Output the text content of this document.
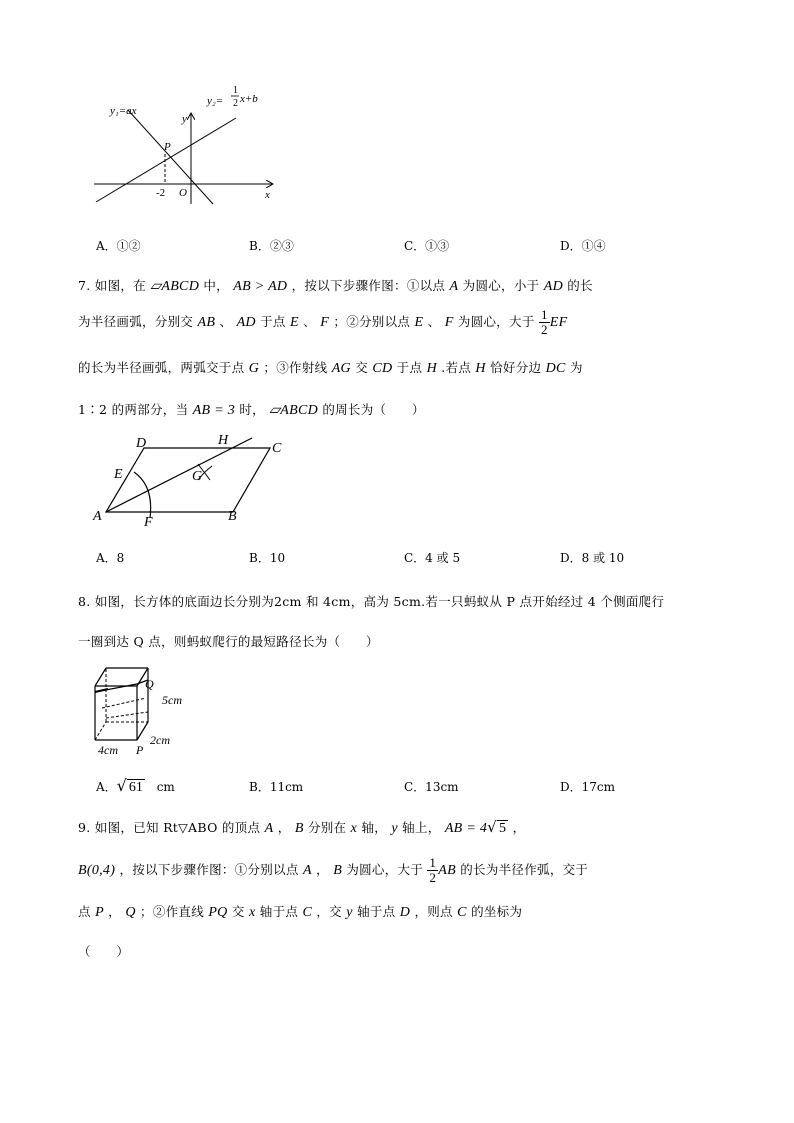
y₁=ax
y₂=
1
2 x+b
y
x
P
O
-2
A．①②	B．②③	C．①③	D．①④
7. 如图，在 ▱ABCD 中， AB > AD ，按以下步骤作图：①以点 A 为圆心，小于 AD 的长
为半径画弧，分别交 AB 、 AD 于点 E 、 F ；②分别以点 E 、 F 为圆心，大于 $\frac{1}{2}$ EF
的长为半径画弧，两弧交于点 G ；③作射线 AG 交 CD 于点 H .若点 H 恰好分边 DC 为
1∶2 的两部分，当 AB = 3 时， ▱ABCD 的周长为（　　）
D	H
C
E	G
A	F	B
A．8	B．10	C．4 或 5	D．8 或 10
8. 如图，长方体的底面边长分别为2cm 和 4cm，高为 5cm.若一只蚂蚁从 P 点开始经过 4 个侧面爬行
一圈到达 Q 点，则蚂蚁爬行的最短路径长为（　　）
Q
5cm
4cm P
2cm
A．√ 61 cm	B．11cm	C．13cm	D．17cm
9. 如图，已知 Rt▽ABO 的顶点 A ， B 分别在 x 轴， y 轴上， AB = 4√ 5 ，
B(0,4) ，按以下步骤作图：①分别以点 A ， B 为圆心，大于 $\frac{1}{2}$ AB 的长为半径作弧，交于
点 P ， Q ；②作直线 PQ 交 x 轴于点 C ，交 y 轴于点 D ，则点 C 的坐标为
（　　）
